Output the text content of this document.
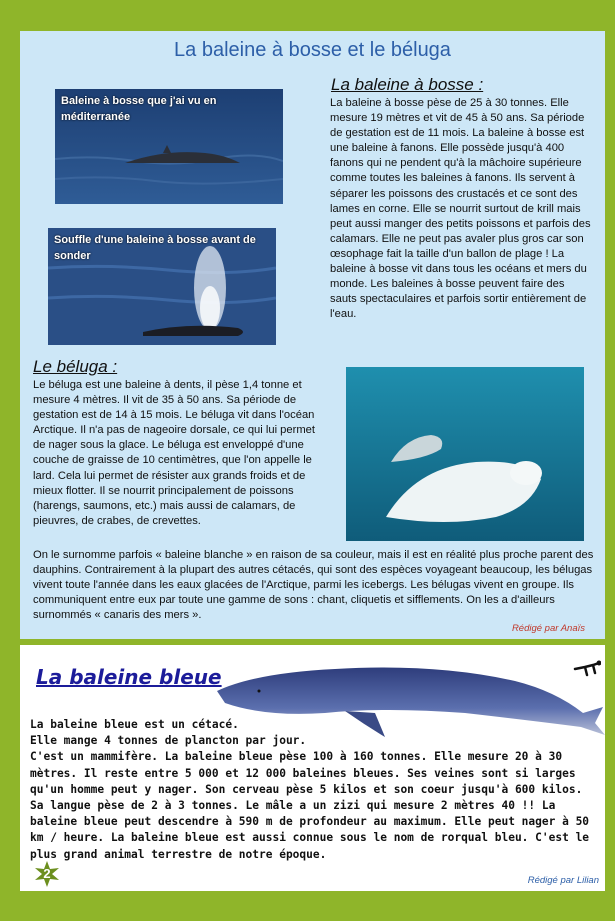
La baleine à bosse et le béluga
Baleine à bosse que j'ai vu en méditerranée
Souffle d'une baleine à bosse avant de sonder
La baleine à bosse :

La baleine à bosse pèse de 25 à 30 tonnes. Elle mesure 19 mètres et vit de 45 à 50 ans. Sa période de gestation est de 11 mois. La baleine à bosse est une baleine à fanons. Elle possède jusqu'à 400 fanons qui ne pendent qu'à la mâchoire supérieure comme toutes les baleines à fanons. Ils servent à séparer les poissons des crustacés et ce sont des lames en corne. Elle se nourrit surtout de krill mais peut aussi manger des petits poissons et parfois des calamars. Elle ne peut pas avaler plus gros car son œsophage fait la taille d'un ballon de plage ! La baleine à bosse vit dans tous les océans et mers du monde. Les baleines à bosse peuvent faire des sauts spectaculaires et parfois sortir entièrement de l'eau.

Le béluga :

Le béluga est une baleine à dents, il pèse 1,4 tonne et mesure 4 mètres. Il vit de 35 à 50 ans. Sa période de gestation est de 14 à 15 mois. Le béluga vit dans l'océan Arctique. Il n'a pas de nageoire dorsale, ce qui lui permet de nager sous la glace. Le béluga est enveloppé d'une couche de graisse de 10 centimètres, que l'on appelle le lard. Cela lui permet de résister aux grands froids et de mieux flotter. Il se nourrit principalement de poissons (harengs, saumons, etc.) mais aussi de calamars, de pieuvres, de crabes, de crevettes.

On le surnomme parfois « baleine blanche » en raison de sa couleur, mais il est en réalité plus proche parent des dauphins. Contrairement à la plupart des autres cétacés, qui sont des espèces voyageant beaucoup, les bélugas vivent toute l'année dans les eaux glacées de l'Arctique, parmi les icebergs. Les bélugas vivent en groupe. Ils communiquent entre eux par toute une gamme de sons : chant, cliquetis et sifflements. On les a d'ailleurs surnommés « canaris des mers ».

Rédigé par Anaïs
La baleine bleue

La baleine bleue est un cétacé.
Elle mange 4 tonnes de plancton par jour.
C'est un mammifère. La baleine bleue pèse 100 à 160 tonnes. Elle mesure 20 à 30 mètres. Il reste entre 5 000 et 12 000 baleines bleues. Ses veines sont si larges qu'un homme peut y nager. Son cerveau pèse 5 kilos et son coeur jusqu'à 600 kilos. Sa langue pèse de 2 à 3 tonnes. Le mâle a un zizi qui mesure 2 mètres 40 !! La baleine bleue peut descendre à 590 m de profondeur au maximum. Elle peut nager à 50 km / heure. La baleine bleue est aussi connue sous le nom de rorqual bleu. C'est le plus grand animal terrestre de notre époque.

Rédigé par Lilian
2
